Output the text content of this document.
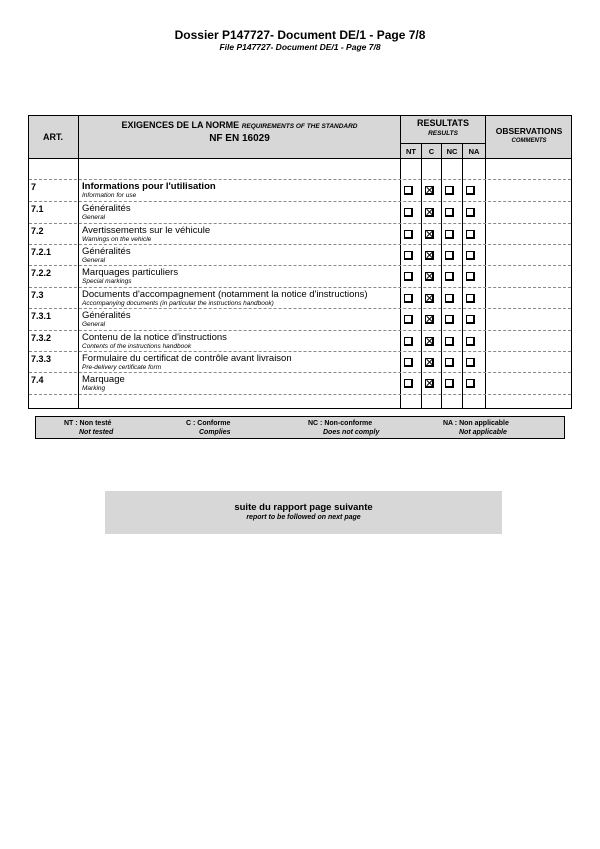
Dossier P147727- Document DE/1 - Page 7/8
File P147727- Document DE/1 - Page 7/8
ART.
EXIGENCES DE LA NORME REQUIREMENTS OF THE STANDARD
NF EN 16029
RESULTATS
RESULTS	OBSERVATIONS
COMMENTS
NT	C	NC	NA
7	Informations pour l'utilisation
Information for use
7.1	Généralités
General
7.2	Avertissements sur le véhicule
Warnings on the vehicle
7.2.1	Généralités
General
7.2.2	Marquages particuliers
Special markings
7.3	Documents d'accompagnement (notamment la notice d'instructions)
Accompanying documents (in particular the instructions handbook)
7.3.1	Généralités
General
7.3.2	Contenu de la notice d'instructions
Contents of the instructions handbook
7.3.3	Formulaire du certificat de contrôle avant livraison
Pre-delivery certificate form
7.4	Marquage
Marking
NT : Non testé
Not tested
C : Conforme
Complies
NC : Non-conforme
Does not comply
NA : Non applicable
Not applicable
suite du rapport page suivante
report to be followed on next page
